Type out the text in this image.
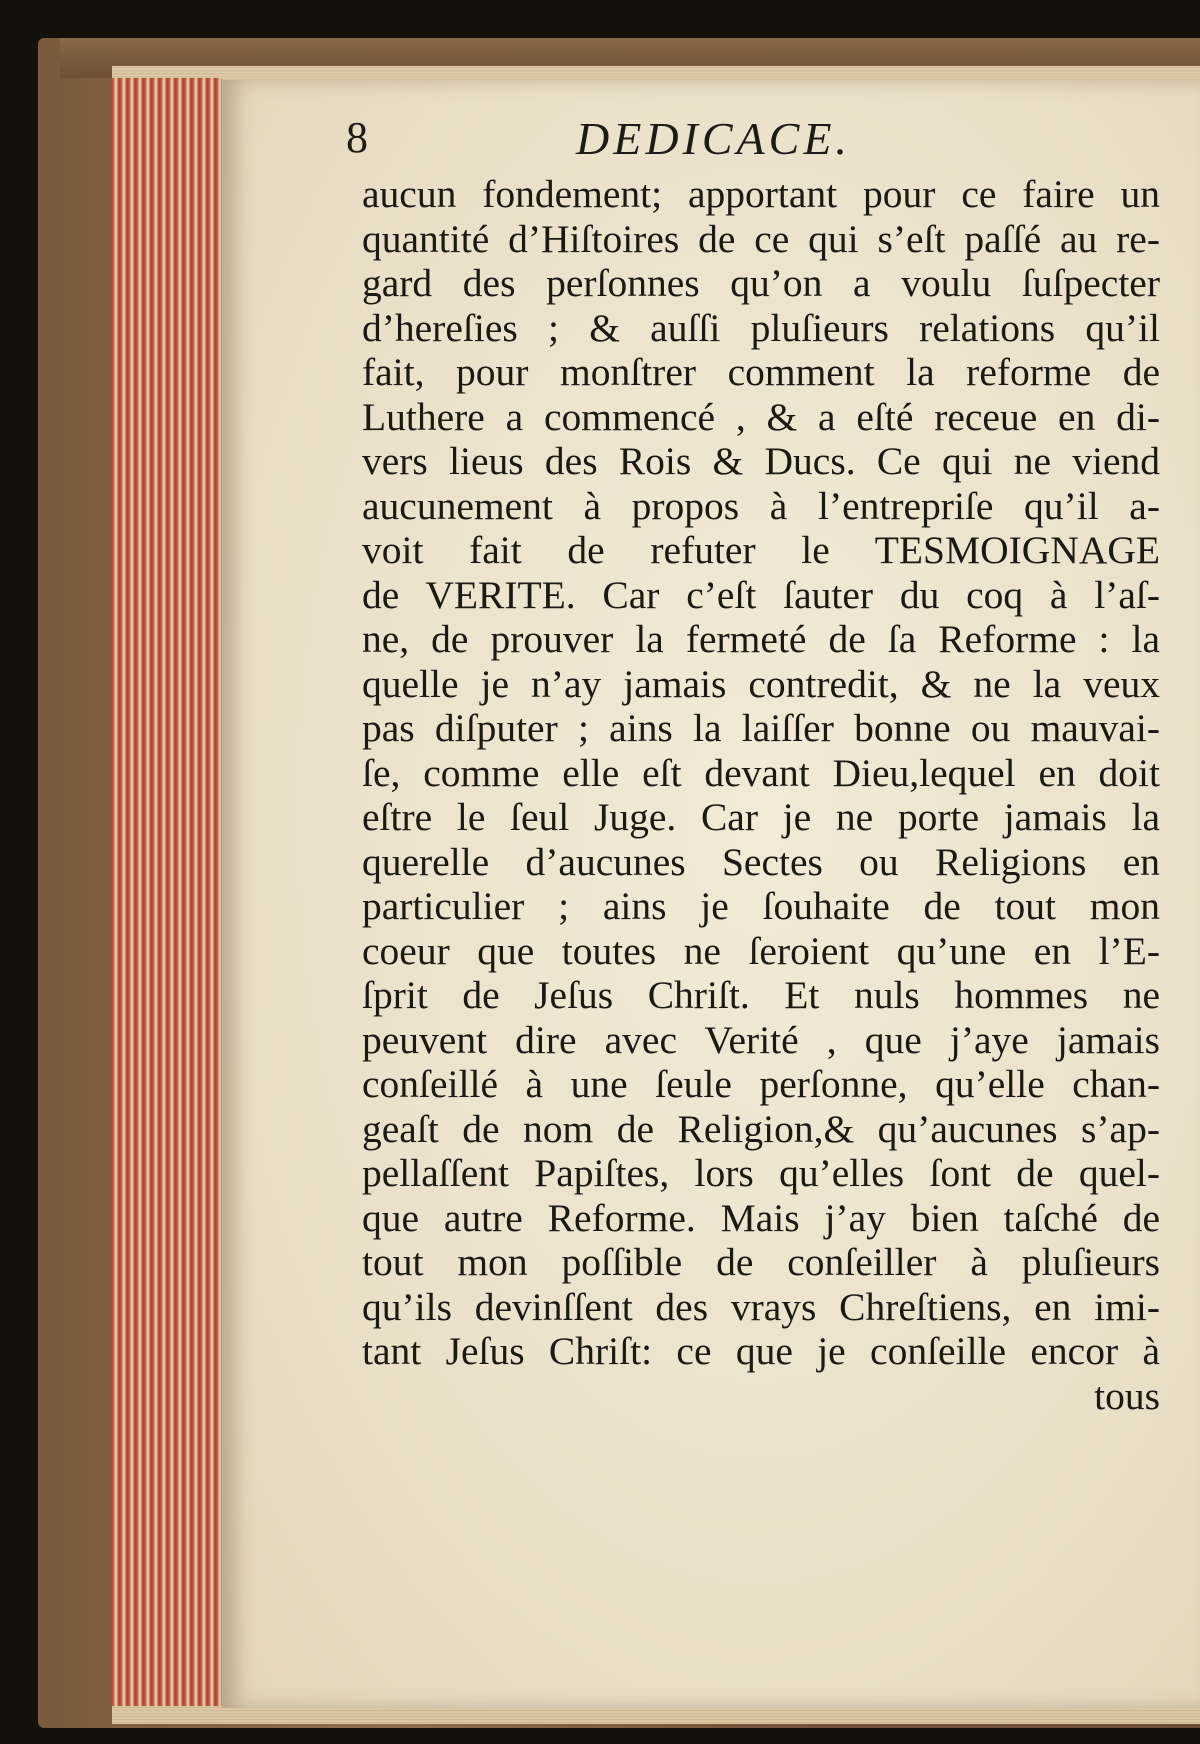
8	DEDICACE.
aucun fondement; apportant pour ce faire un
quantité d’Hiſtoires de ce qui s’eſt paſſé au re-
gard des perſonnes qu’on a voulu ſuſpecter
d’hereſies ; & auſſi pluſieurs relations qu’il
fait, pour monſtrer comment la reforme de
Luthere a commencé , & a eſté receue en di-
vers lieus des Rois & Ducs. Ce qui ne viend
aucunement à propos à l’entrepriſe qu’il a-
voit fait de refuter le TESMOIGNAGE
de VERITE. Car c’eſt ſauter du coq à l’aſ-
ne, de prouver la fermeté de ſa Reforme : la
quelle je n’ay jamais contredit, & ne la veux
pas diſputer ; ains la laiſſer bonne ou mauvai-
ſe, comme elle eſt devant Dieu,lequel en doit
eſtre le ſeul Juge. Car je ne porte jamais la
querelle d’aucunes Sectes ou Religions en
particulier ; ains je ſouhaite de tout mon
coeur que toutes ne ſeroient qu’une en l’E-
ſprit de Jeſus Chriſt. Et nuls hommes ne
peuvent dire avec Verité , que j’aye jamais
conſeillé à une ſeule perſonne, qu’elle chan-
geaſt de nom de Religion,& qu’aucunes s’ap-
pellaſſent Papiſtes, lors qu’elles ſont de quel-
que autre Reforme. Mais j’ay bien taſché de
tout mon poſſible de conſeiller à pluſieurs
qu’ils devinſſent des vrays Chreſtiens, en imi-
tant Jeſus Chriſt: ce que je conſeille encor à
tous
